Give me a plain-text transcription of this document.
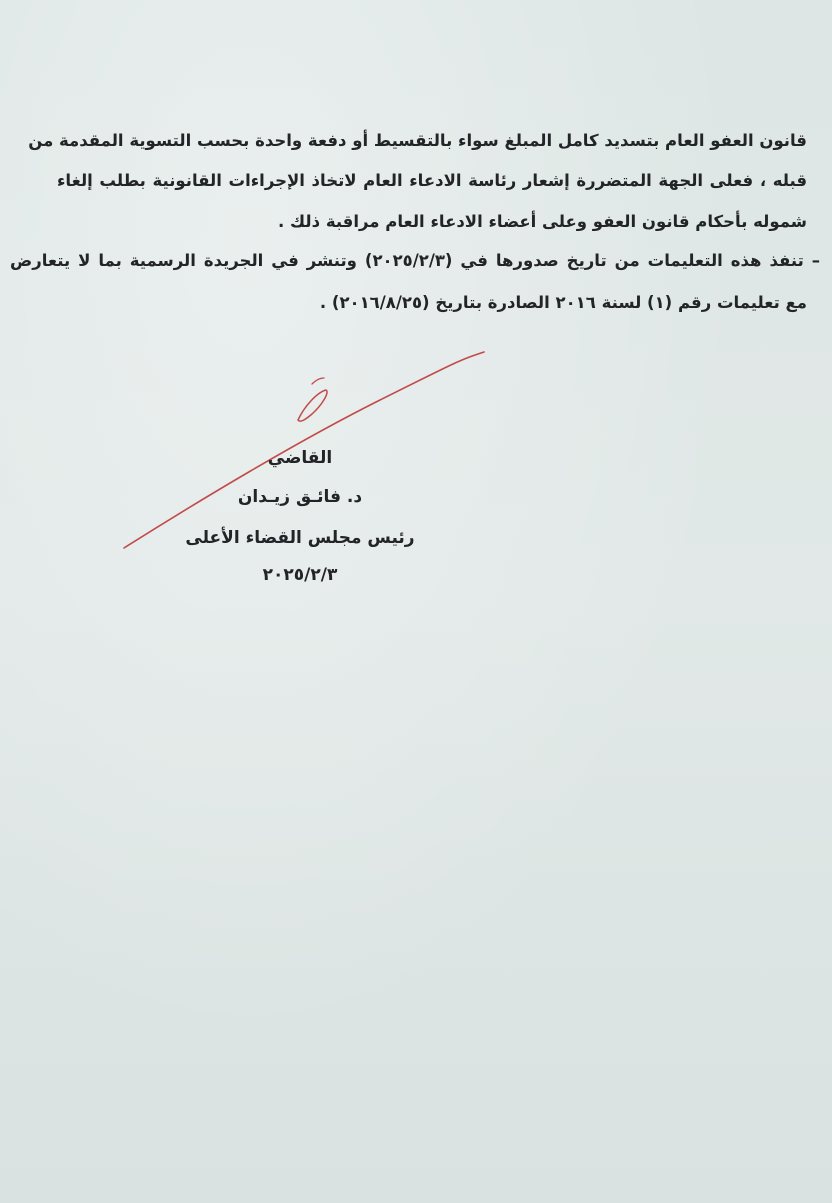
قانون العفو العام بتسديد كامل المبلغ سواء بالتقسيط أو دفعة واحدة بحسب التسوية المقدمة من
قبله ، فعلى الجهة المتضررة إشعار رئاسة الادعاء العام لاتخاذ الإجراءات القانونية بطلب إلغاء
شموله بأحكام قانون العفو وعلى أعضاء الادعاء العام مراقبة ذلك .
– تنفذ هذه التعليمات من تاريخ صدورها في (٢٠٢٥/٢/٣) وتنشر في الجريدة الرسمية بما لا يتعارض
مع تعليمات رقم (١) لسنة ٢٠١٦ الصادرة بتاريخ (٢٠١٦/٨/٢٥) .
القاضي
د. فائـق زيـدان
رئيس مجلس القضاء الأعلى
٢٠٢٥/٢/٣
